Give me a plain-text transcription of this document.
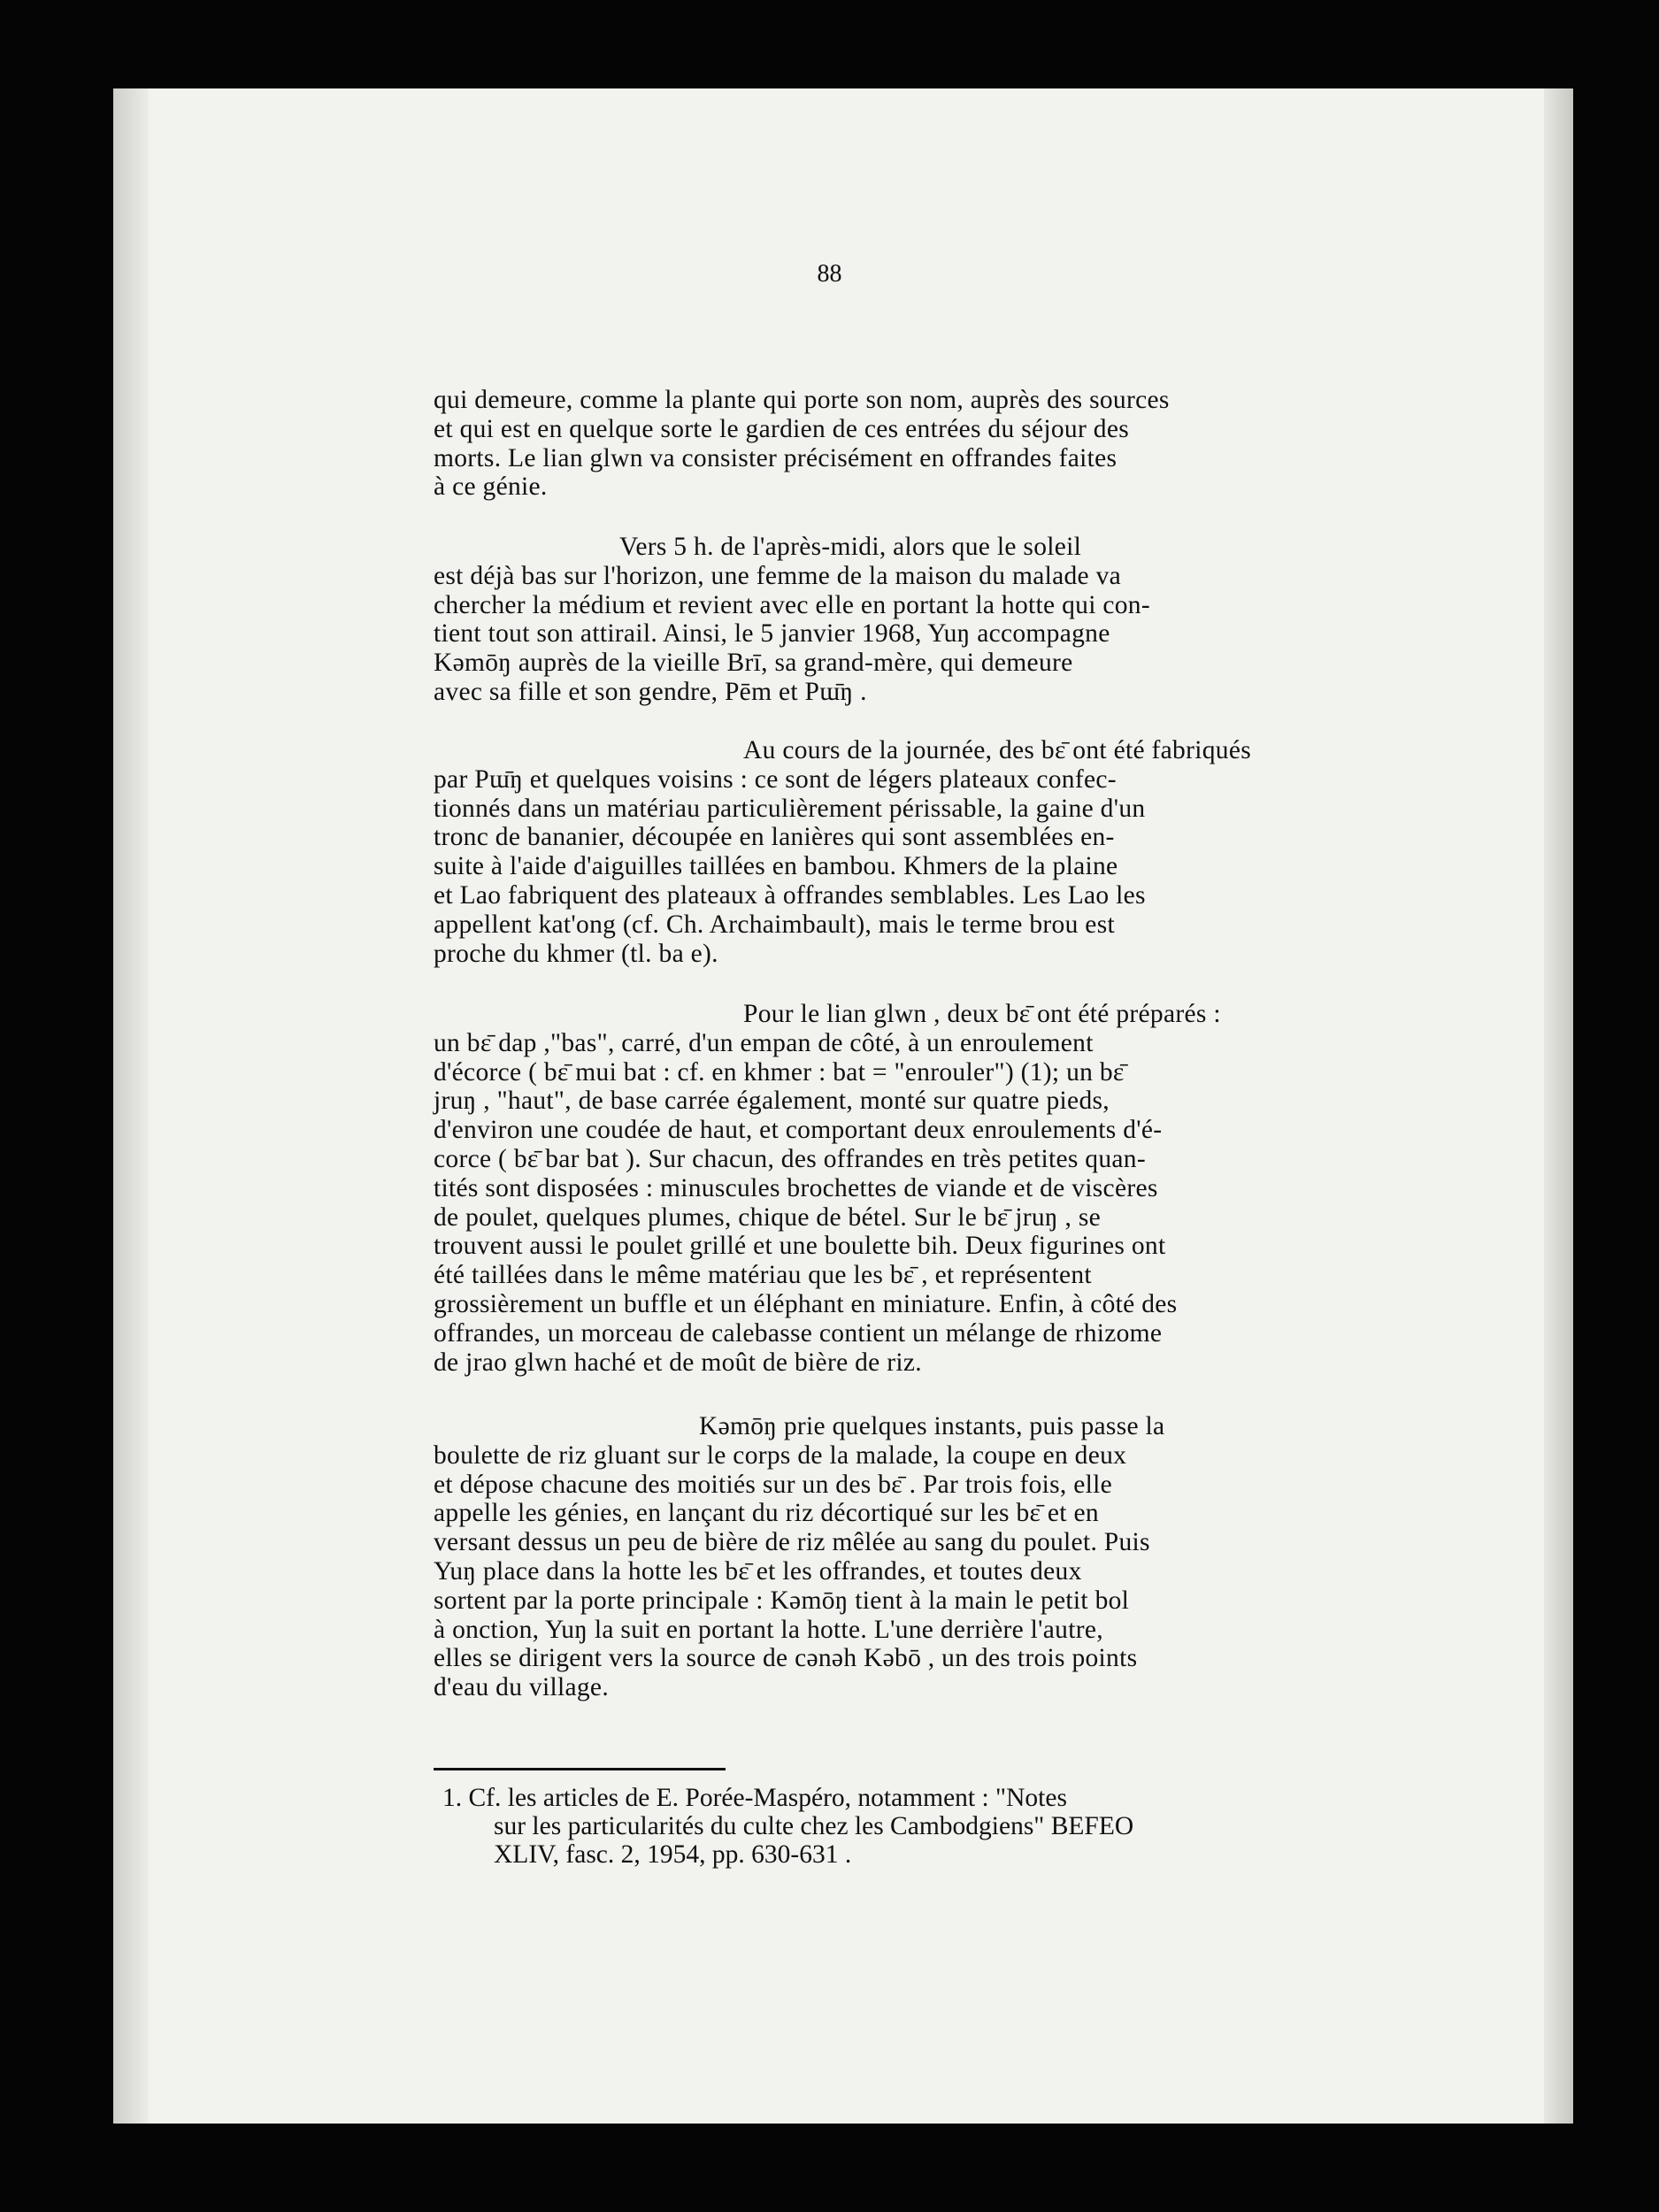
88
qui demeure, comme la plante qui porte son nom, auprès des sources
et qui est en quelque sorte le gardien de ces entrées du séjour des
morts. Le lian glwn va consister précisément en offrandes faites
à ce génie.
Vers 5 h. de l'après-midi, alors que le soleil
est déjà bas sur l'horizon, une femme de la maison du malade va
chercher la médium et revient avec elle en portant la hotte qui con-
tient tout son attirail. Ainsi, le 5 janvier 1968, Yuŋ accompagne
Kəmōŋ auprès de la vieille Brī, sa grand-mère, qui demeure
avec sa fille et son gendre, Pēm et Pɯ̄ŋ .
Au cours de la journée, des bɛ̄ ont été fabriqués
par Pɯ̄ŋ et quelques voisins : ce sont de légers plateaux confec-
tionnés dans un matériau particulièrement périssable, la gaine d'un
tronc de bananier, découpée en lanières qui sont assemblées en-
suite à l'aide d'aiguilles taillées en bambou. Khmers de la plaine
et Lao fabriquent des plateaux à offrandes semblables. Les Lao les
appellent kat'ong (cf. Ch. Archaimbault), mais le terme brou est
proche du khmer (tl. ba e).
Pour le lian glwn , deux bɛ̄ ont été préparés :
un bɛ̄ dap ,"bas", carré, d'un empan de côté, à un enroulement
d'écorce ( bɛ̄ mui bat : cf. en khmer : bat = "enrouler") (1); un bɛ̄
jruŋ , "haut", de base carrée également, monté sur quatre pieds,
d'environ une coudée de haut, et comportant deux enroulements d'é-
corce ( bɛ̄ bar bat ). Sur chacun, des offrandes en très petites quan-
tités sont disposées : minuscules brochettes de viande et de viscères
de poulet, quelques plumes, chique de bétel. Sur le bɛ̄ jruŋ , se
trouvent aussi le poulet grillé et une boulette bih. Deux figurines ont
été taillées dans le même matériau que les bɛ̄ , et représentent
grossièrement un buffle et un éléphant en miniature. Enfin, à côté des
offrandes, un morceau de calebasse contient un mélange de rhizome
de jrao glwn haché et de moût de bière de riz.
Kəmōŋ prie quelques instants, puis passe la
boulette de riz gluant sur le corps de la malade, la coupe en deux
et dépose chacune des moitiés sur un des bɛ̄ . Par trois fois, elle
appelle les génies, en lançant du riz décortiqué sur les bɛ̄ et en
versant dessus un peu de bière de riz mêlée au sang du poulet. Puis
Yuŋ place dans la hotte les bɛ̄ et les offrandes, et toutes deux
sortent par la porte principale : Kəmōŋ tient à la main le petit bol
à onction, Yuŋ la suit en portant la hotte. L'une derrière l'autre,
elles se dirigent vers la source de cənəh Kəbō , un des trois points
d'eau du village.
1. Cf. les articles de E. Porée-Maspéro, notamment : "Notes
sur les particularités du culte chez les Cambodgiens" BEFEO
XLIV, fasc. 2, 1954, pp. 630-631 .
